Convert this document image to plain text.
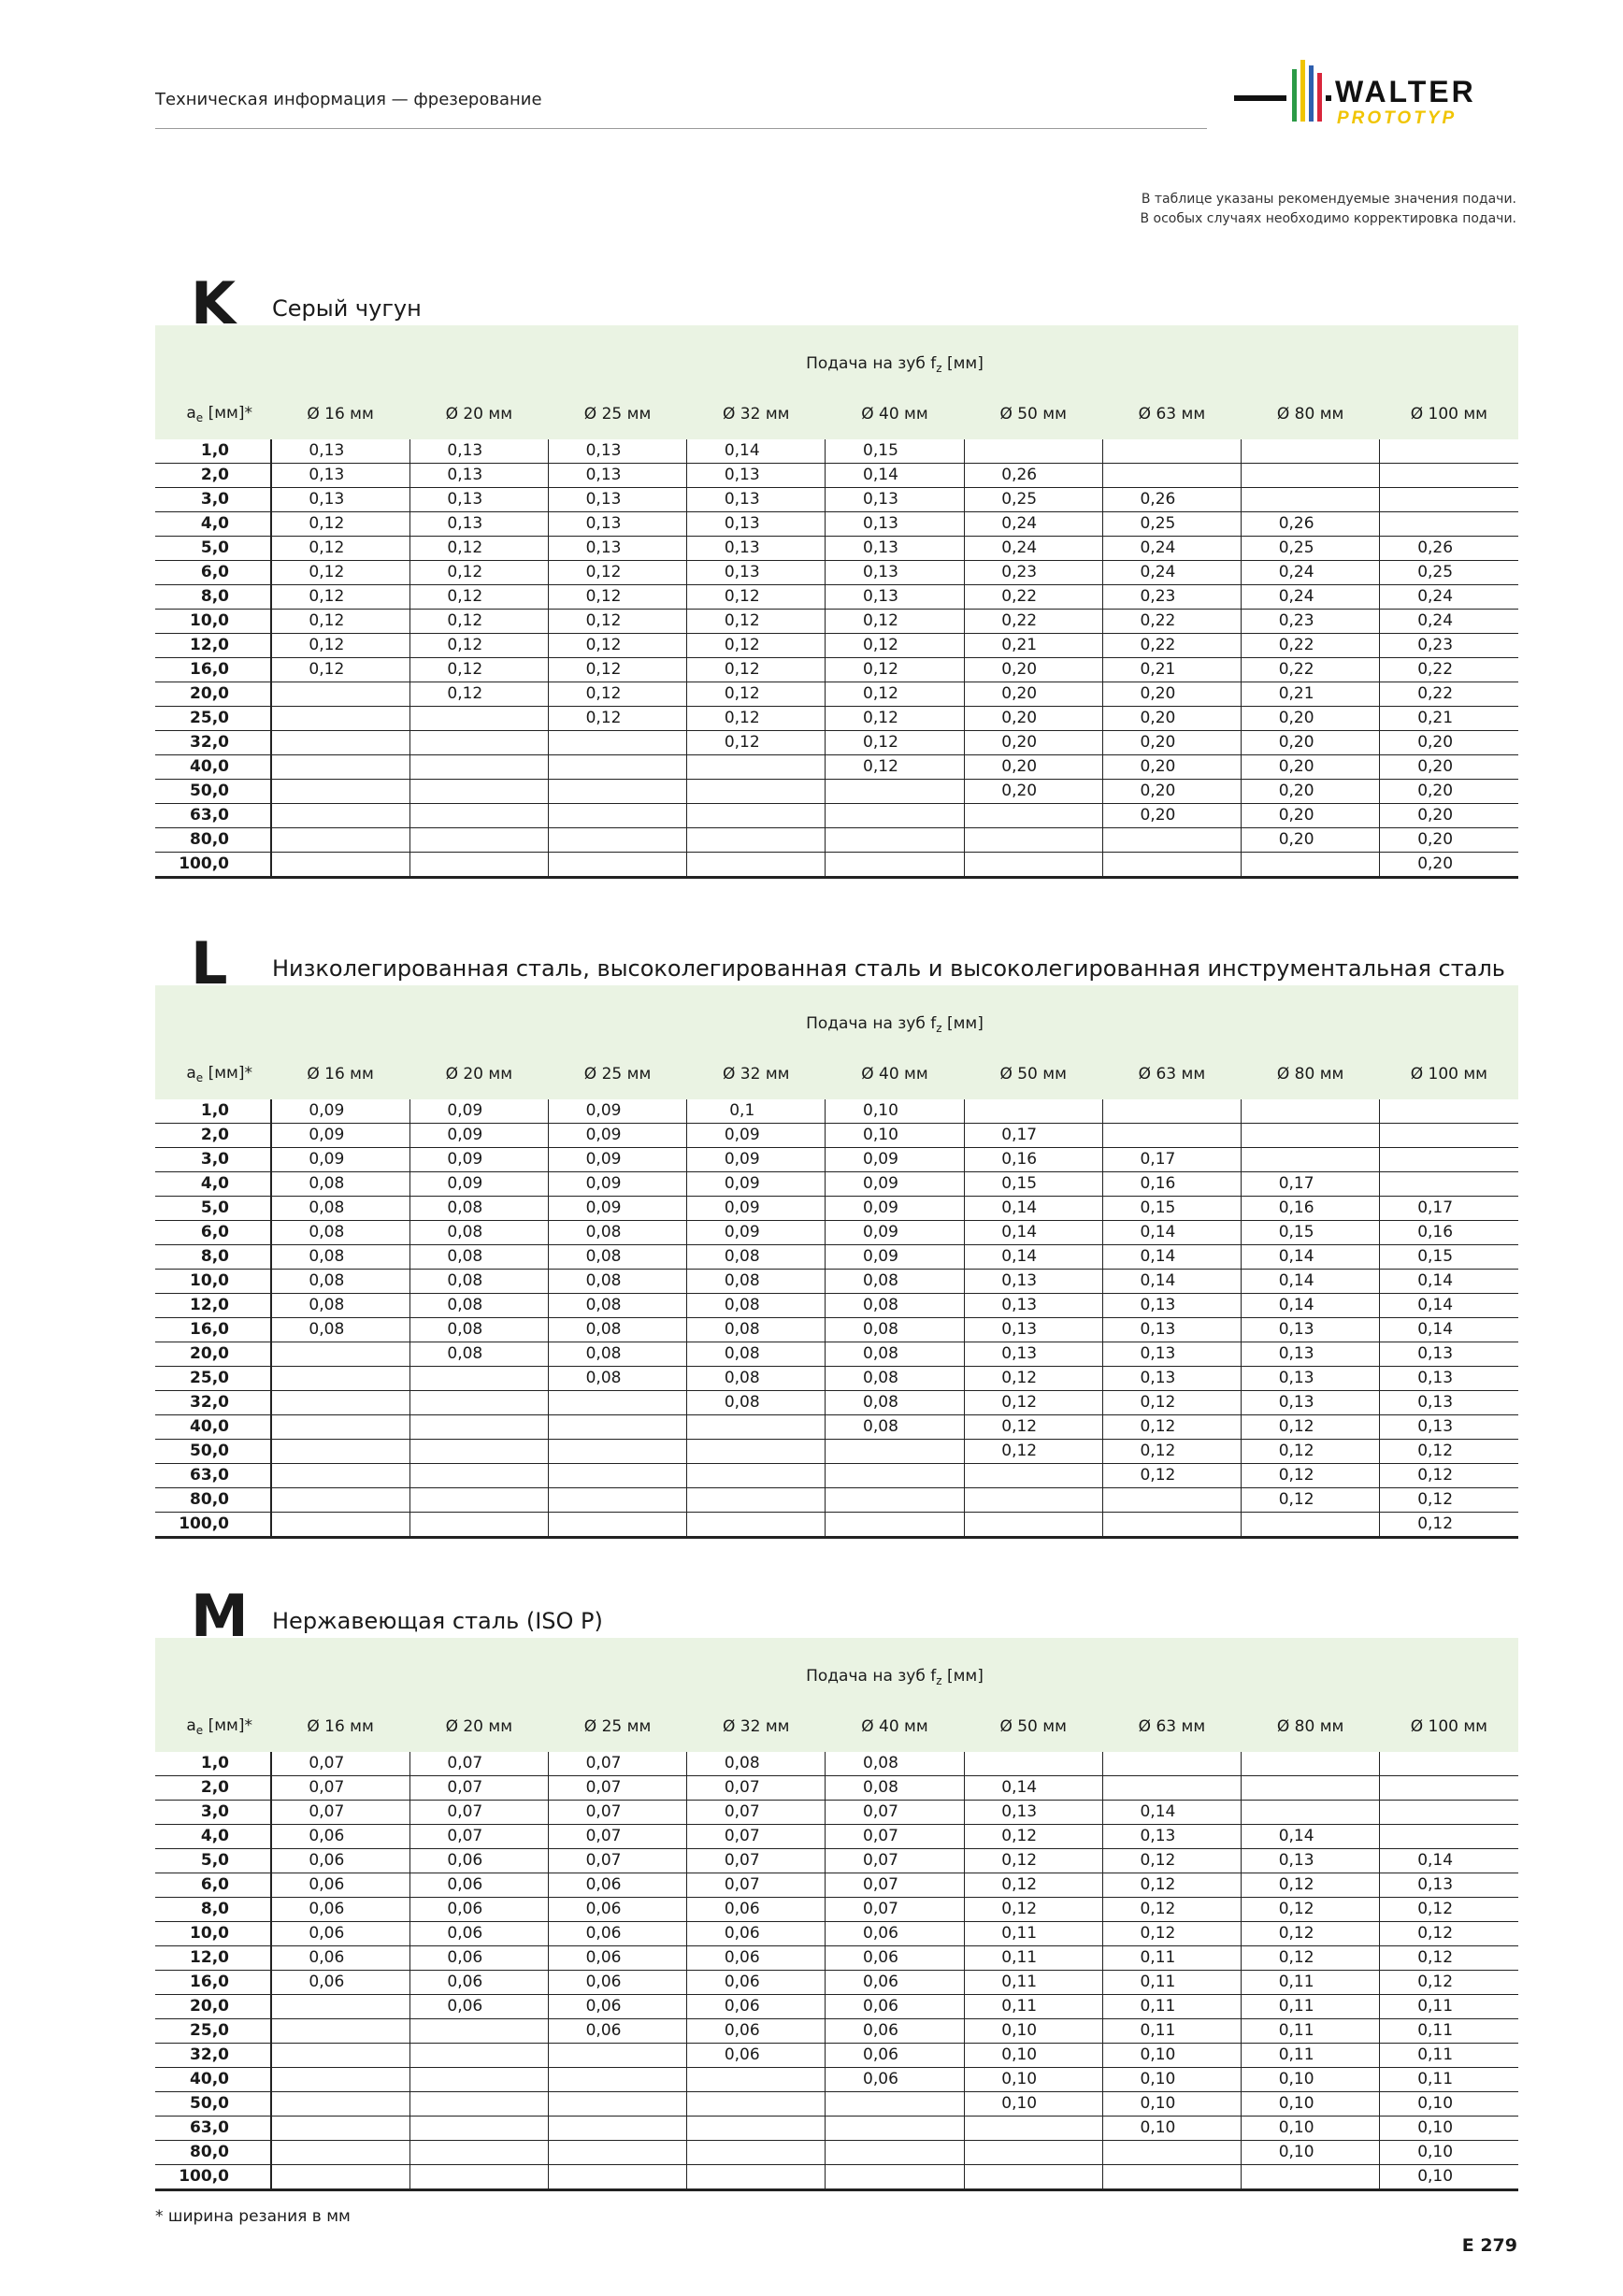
Техническая информация — фрезерование	WALTER
PROTOTYP
В таблице указаны рекомендуемые значения подачи.
В особых случаях необходимо корректировка подачи.
K Серый чугун
	Подача на зуб $f_z$ [мм]								
$a_e$ [мм]*	Ø 16 мм	Ø 20 мм	Ø 25 мм	Ø 32 мм	Ø 40 мм	Ø 50 мм	Ø 63 мм	Ø 80 мм	Ø 100 мм
1,0	0,13	0,13	0,13	0,14	0,15				
2,0	0,13	0,13	0,13	0,13	0,14	0,26			
3,0	0,13	0,13	0,13	0,13	0,13	0,25	0,26		
4,0	0,12	0,13	0,13	0,13	0,13	0,24	0,25	0,26	
5,0	0,12	0,12	0,13	0,13	0,13	0,24	0,24	0,25	0,26
6,0	0,12	0,12	0,12	0,13	0,13	0,23	0,24	0,24	0,25
8,0	0,12	0,12	0,12	0,12	0,13	0,22	0,23	0,24	0,24
10,0	0,12	0,12	0,12	0,12	0,12	0,22	0,22	0,23	0,24
12,0	0,12	0,12	0,12	0,12	0,12	0,21	0,22	0,22	0,23
16,0	0,12	0,12	0,12	0,12	0,12	0,20	0,21	0,22	0,22
20,0		0,12	0,12	0,12	0,12	0,20	0,20	0,21	0,22
25,0			0,12	0,12	0,12	0,20	0,20	0,20	0,21
32,0				0,12	0,12	0,20	0,20	0,20	0,20
40,0					0,12	0,20	0,20	0,20	0,20
50,0						0,20	0,20	0,20	0,20
63,0							0,20	0,20	0,20
80,0								0,20	0,20
100,0									0,20
L Низколегированная сталь, высоколегированная сталь и высоколегированная инструментальная сталь
	Подача на зуб $f_z$ [мм]								
$a_e$ [мм]*	Ø 16 мм	Ø 20 мм	Ø 25 мм	Ø 32 мм	Ø 40 мм	Ø 50 мм	Ø 63 мм	Ø 80 мм	Ø 100 мм
1,0	0,09	0,09	0,09	0,1	0,10				
2,0	0,09	0,09	0,09	0,09	0,10	0,17			
3,0	0,09	0,09	0,09	0,09	0,09	0,16	0,17		
4,0	0,08	0,09	0,09	0,09	0,09	0,15	0,16	0,17	
5,0	0,08	0,08	0,09	0,09	0,09	0,14	0,15	0,16	0,17
6,0	0,08	0,08	0,08	0,09	0,09	0,14	0,14	0,15	0,16
8,0	0,08	0,08	0,08	0,08	0,09	0,14	0,14	0,14	0,15
10,0	0,08	0,08	0,08	0,08	0,08	0,13	0,14	0,14	0,14
12,0	0,08	0,08	0,08	0,08	0,08	0,13	0,13	0,14	0,14
16,0	0,08	0,08	0,08	0,08	0,08	0,13	0,13	0,13	0,14
20,0		0,08	0,08	0,08	0,08	0,13	0,13	0,13	0,13
25,0			0,08	0,08	0,08	0,12	0,13	0,13	0,13
32,0				0,08	0,08	0,12	0,12	0,13	0,13
40,0					0,08	0,12	0,12	0,12	0,13
50,0						0,12	0,12	0,12	0,12
63,0							0,12	0,12	0,12
80,0								0,12	0,12
100,0									0,12
M Нержавеющая сталь (ISO P)
	Подача на зуб $f_z$ [мм]								
$a_e$ [мм]*	Ø 16 мм	Ø 20 мм	Ø 25 мм	Ø 32 мм	Ø 40 мм	Ø 50 мм	Ø 63 мм	Ø 80 мм	Ø 100 мм
1,0	0,07	0,07	0,07	0,08	0,08				
2,0	0,07	0,07	0,07	0,07	0,08	0,14			
3,0	0,07	0,07	0,07	0,07	0,07	0,13	0,14		
4,0	0,06	0,07	0,07	0,07	0,07	0,12	0,13	0,14	
5,0	0,06	0,06	0,07	0,07	0,07	0,12	0,12	0,13	0,14
6,0	0,06	0,06	0,06	0,07	0,07	0,12	0,12	0,12	0,13
8,0	0,06	0,06	0,06	0,06	0,07	0,12	0,12	0,12	0,12
10,0	0,06	0,06	0,06	0,06	0,06	0,11	0,12	0,12	0,12
12,0	0,06	0,06	0,06	0,06	0,06	0,11	0,11	0,12	0,12
16,0	0,06	0,06	0,06	0,06	0,06	0,11	0,11	0,11	0,12
20,0		0,06	0,06	0,06	0,06	0,11	0,11	0,11	0,11
25,0			0,06	0,06	0,06	0,10	0,11	0,11	0,11
32,0				0,06	0,06	0,10	0,10	0,11	0,11
40,0					0,06	0,10	0,10	0,10	0,11
50,0						0,10	0,10	0,10	0,10
63,0							0,10	0,10	0,10
80,0								0,10	0,10
100,0									0,10
* ширина резания в мм
E 279
